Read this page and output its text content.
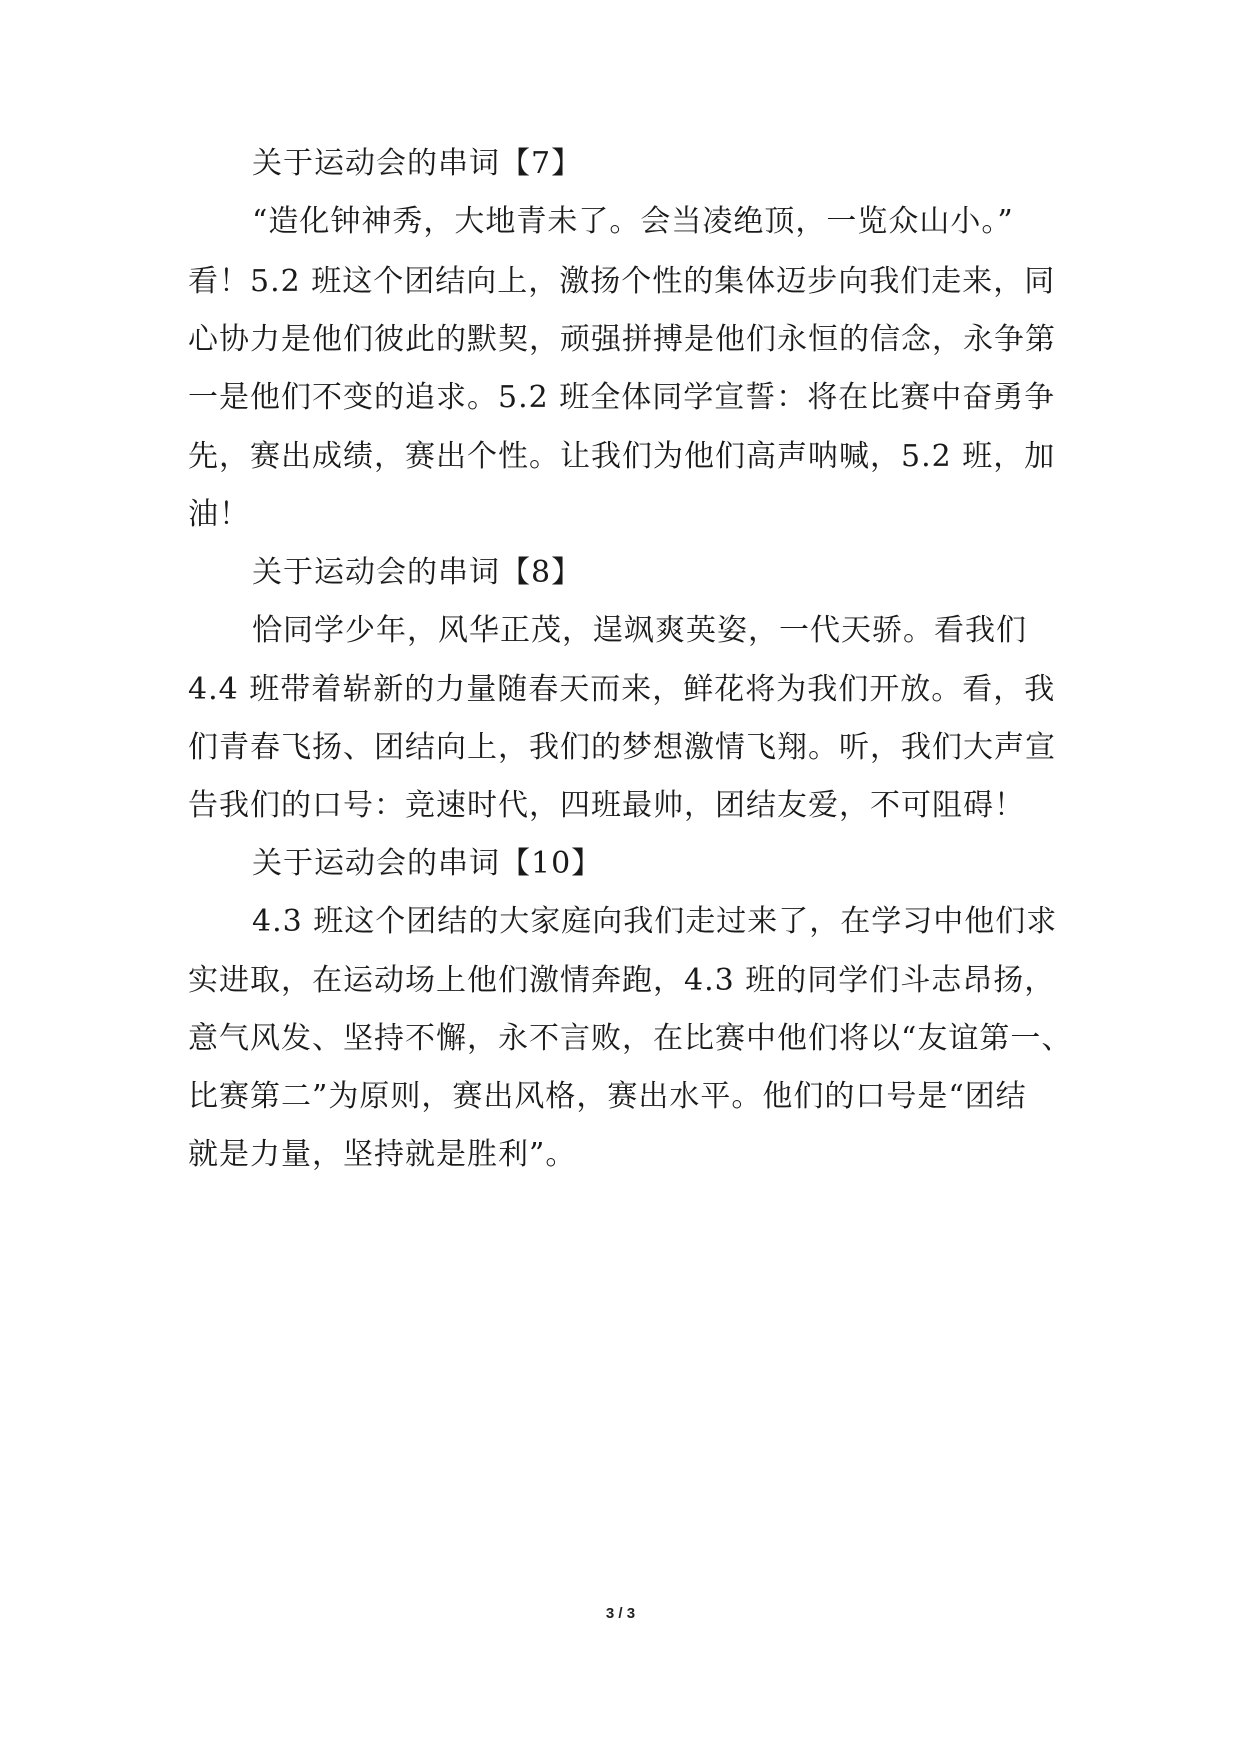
关于运动会的串词【7】
“造化钟神秀，大地青未了。会当凌绝顶，一览众山小。”
看！5.2 班这个团结向上，激扬个性的集体迈步向我们走来，同
心协力是他们彼此的默契，顽强拼搏是他们永恒的信念，永争第
一是他们不变的追求。5.2 班全体同学宣誓：将在比赛中奋勇争
先，赛出成绩，赛出个性。让我们为他们高声呐喊，5.2 班，加
油！
关于运动会的串词【8】
恰同学少年，风华正茂，逞飒爽英姿，一代天骄。看我们
4.4 班带着崭新的力量随春天而来，鲜花将为我们开放。看，我
们青春飞扬、团结向上，我们的梦想激情飞翔。听，我们大声宣
告我们的口号：竞速时代，四班最帅，团结友爱，不可阻碍！
关于运动会的串词【10】
4.3 班这个团结的大家庭向我们走过来了，在学习中他们求
实进取，在运动场上他们激情奔跑，4.3 班的同学们斗志昂扬，
意气风发、坚持不懈，永不言败，在比赛中他们将以“友谊第一、
比赛第二”为原则，赛出风格，赛出水平。他们的口号是“团结
就是力量，坚持就是胜利”。
3 / 3
